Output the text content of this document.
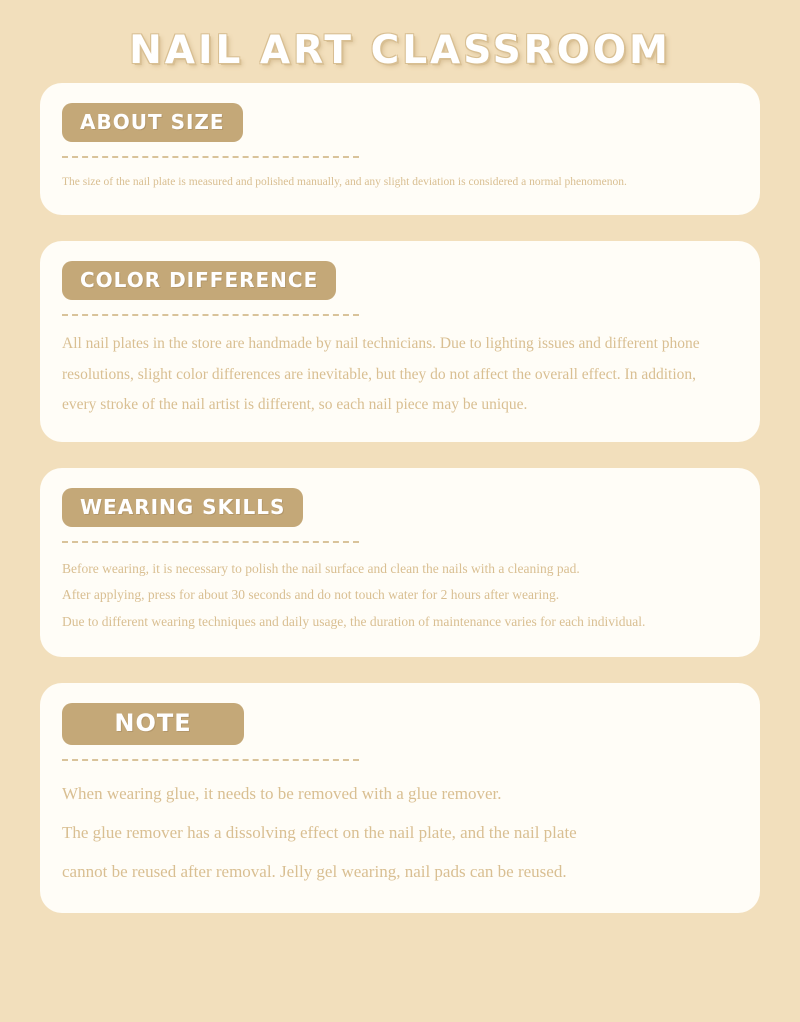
NAIL ART CLASSROOM
ABOUT SIZE

The size of the nail plate is measured and polished manually, and any slight deviation is considered a normal phenomenon.

COLOR DIFFERENCE

All nail plates in the store are handmade by nail technicians. Due to lighting issues and different phone

resolutions, slight color differences are inevitable, but they do not affect the overall effect. In addition,

every stroke of the nail artist is different, so each nail piece may be unique.

WEARING SKILLS

Before wearing, it is necessary to polish the nail surface and clean the nails with a cleaning pad.

After applying, press for about 30 seconds and do not touch water for 2 hours after wearing.

Due to different wearing techniques and daily usage, the duration of maintenance varies for each individual.

NOTE

When wearing glue, it needs to be removed with a glue remover.

The glue remover has a dissolving effect on the nail plate, and the nail plate

cannot be reused after removal. Jelly gel wearing, nail pads can be reused.
